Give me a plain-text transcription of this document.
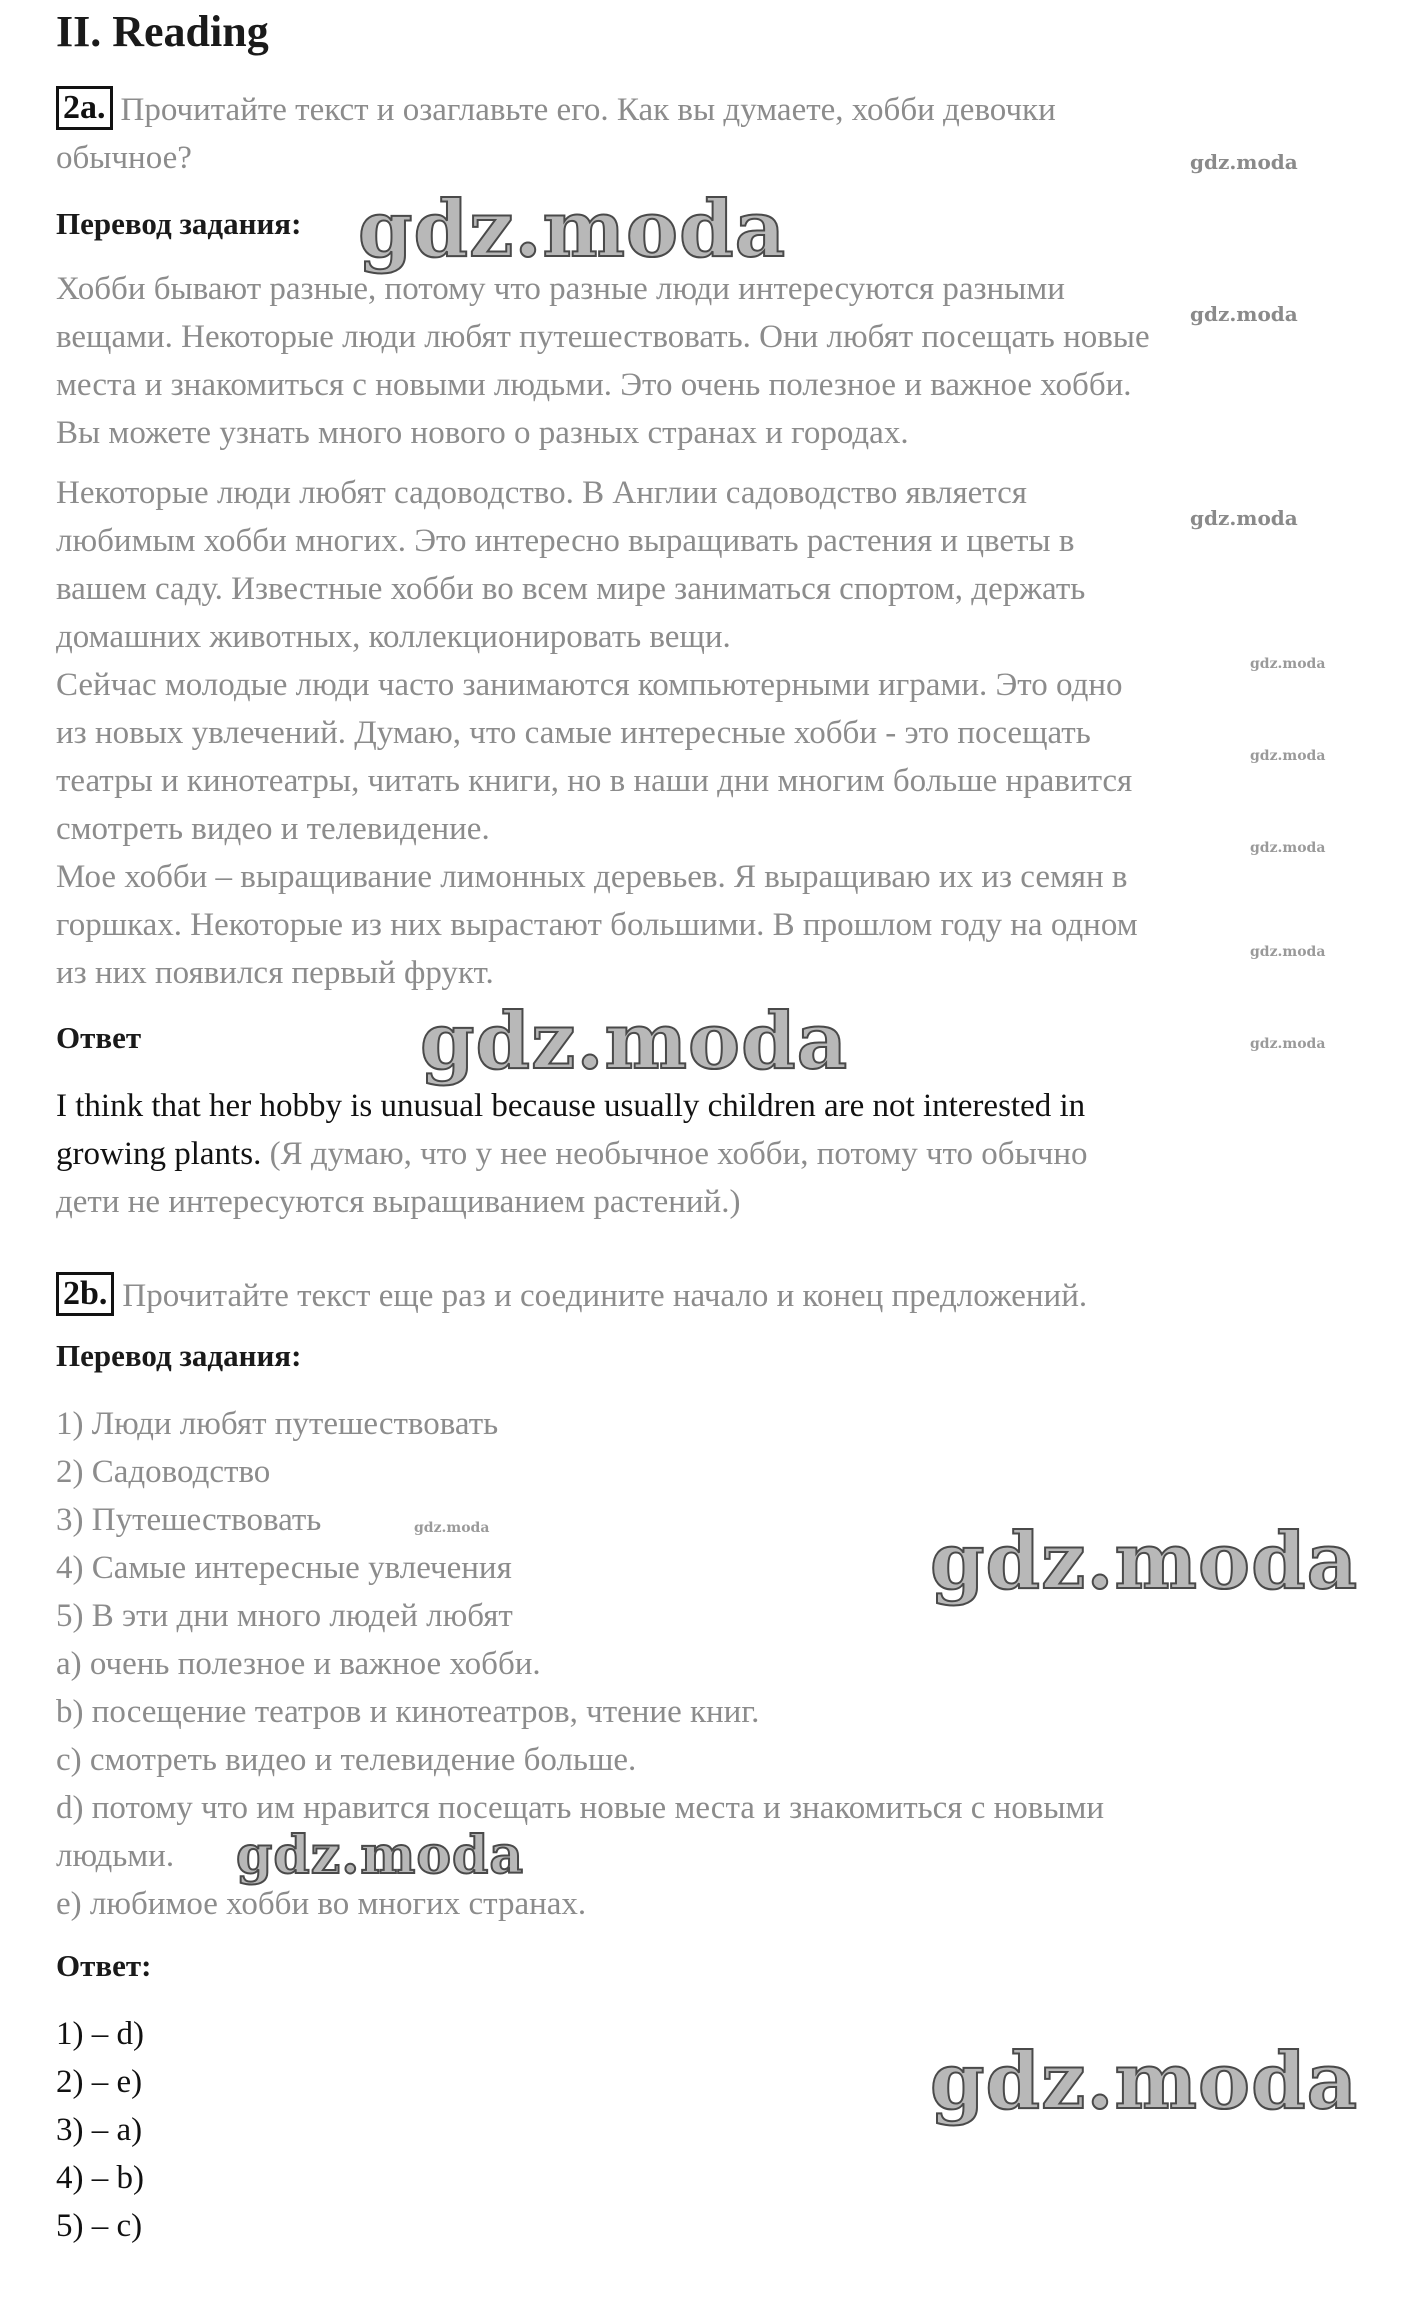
II. Reading
2a. Прочитайте текст и озаглавьте его. Как вы думаете, хобби девочки
обычное?
Перевод задания:
Хобби бывают разные, потому что разные люди интересуются разными
вещами. Некоторые люди любят путешествовать. Они любят посещать новые
места и знакомиться с новыми людьми. Это очень полезное и важное хобби.
Вы можете узнать много нового о разных странах и городах.
Некоторые люди любят садоводство. В Англии садоводство является
любимым хобби многих. Это интересно выращивать растения и цветы в
вашем саду. Известные хобби во всем мире заниматься спортом, держать
домашних животных, коллекционировать вещи.
Сейчас молодые люди часто занимаются компьютерными играми. Это одно
из новых увлечений. Думаю, что самые интересные хобби - это посещать
театры и кинотеатры, читать книги, но в наши дни многим больше нравится
смотреть видео и телевидение.
Мое хобби – выращивание лимонных деревьев. Я выращиваю их из семян в
горшках. Некоторые из них вырастают большими. В прошлом году на одном
из них появился первый фрукт.
Ответ
I think that her hobby is unusual because usually children are not interested in
growing plants. (Я думаю, что у нее необычное хобби, потому что обычно
дети не интересуются выращиванием растений.)
2b. Прочитайте текст еще раз и соедините начало и конец предложений.
Перевод задания:
1) Люди любят путешествовать
2) Садоводство
3) Путешествовать
4) Самые интересные увлечения
5) В эти дни много людей любят
a) очень полезное и важное хобби.
b) посещение театров и кинотеатров, чтение книг.
c) смотреть видео и телевидение больше.
d) потому что им нравится посещать новые места и знакомиться с новыми
людьми.
e) любимое хобби во многих странах.
Ответ:
1) – d)
2) – e)
3) – a)
4) – b)
5) – c)
gdz.moda
gdz.moda
gdz.moda
gdz.moda
gdz.moda
gdz.moda
gdz.moda
gdz.moda
gdz.moda
gdz.moda
gdz.moda
gdz.moda
gdz.moda
gdz.moda
